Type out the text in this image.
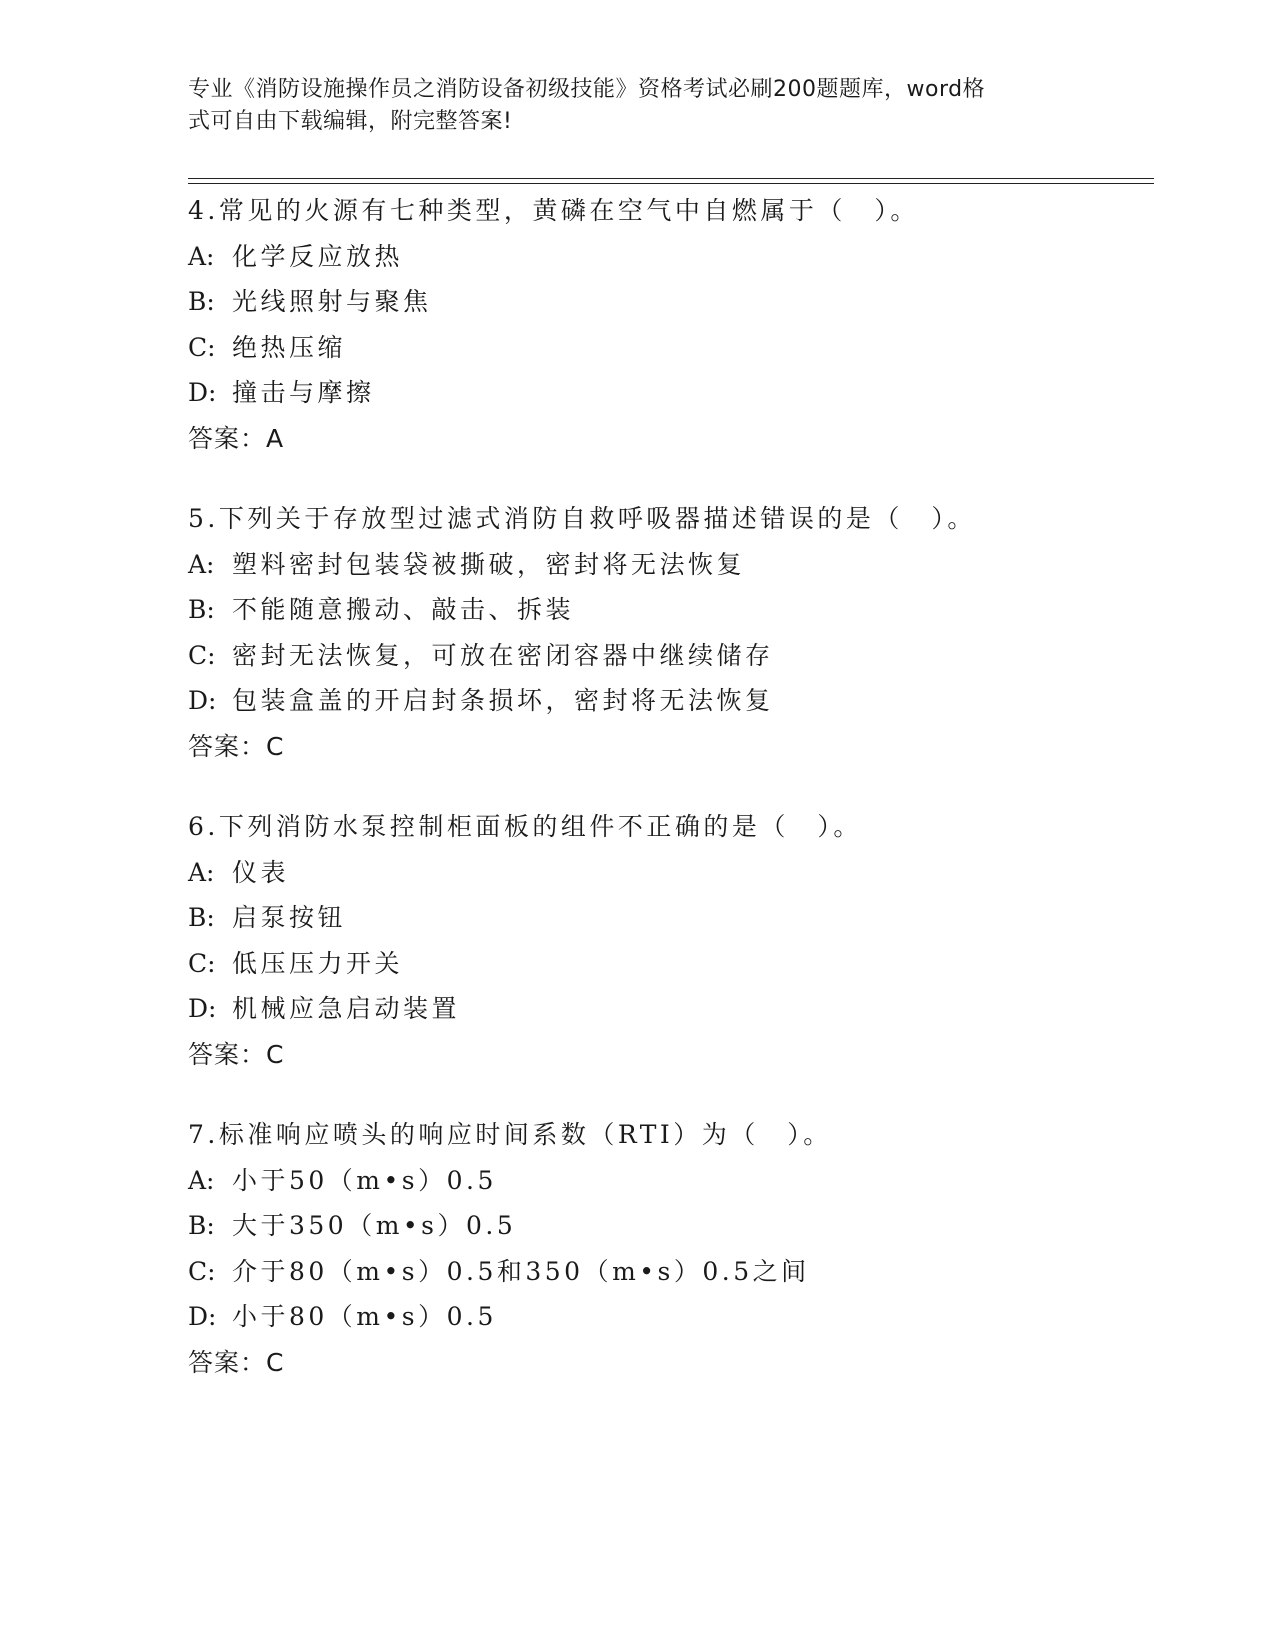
专业《消防设施操作员之消防设备初级技能》资格考试必刷200题题库，word格
式可自由下载编辑，附完整答案!
4.常见的火源有七种类型，黄磷在空气中自燃属于（　）。
A: 化学反应放热
B: 光线照射与聚焦
C: 绝热压缩
D: 撞击与摩擦
答案：A
5.下列关于存放型过滤式消防自救呼吸器描述错误的是（　）。
A: 塑料密封包装袋被撕破，密封将无法恢复
B: 不能随意搬动、敲击、拆装
C: 密封无法恢复，可放在密闭容器中继续储存
D: 包装盒盖的开启封条损坏，密封将无法恢复
答案：C
6.下列消防水泵控制柜面板的组件不正确的是（　）。
A: 仪表
B: 启泵按钮
C: 低压压力开关
D: 机械应急启动装置
答案：C
7.标准响应喷头的响应时间系数（RTI）为（　）。
A: 小于50（m•s）0.5
B: 大于350（m•s）0.5
C: 介于80（m•s）0.5和350（m•s）0.5之间
D: 小于80（m•s）0.5
答案：C
